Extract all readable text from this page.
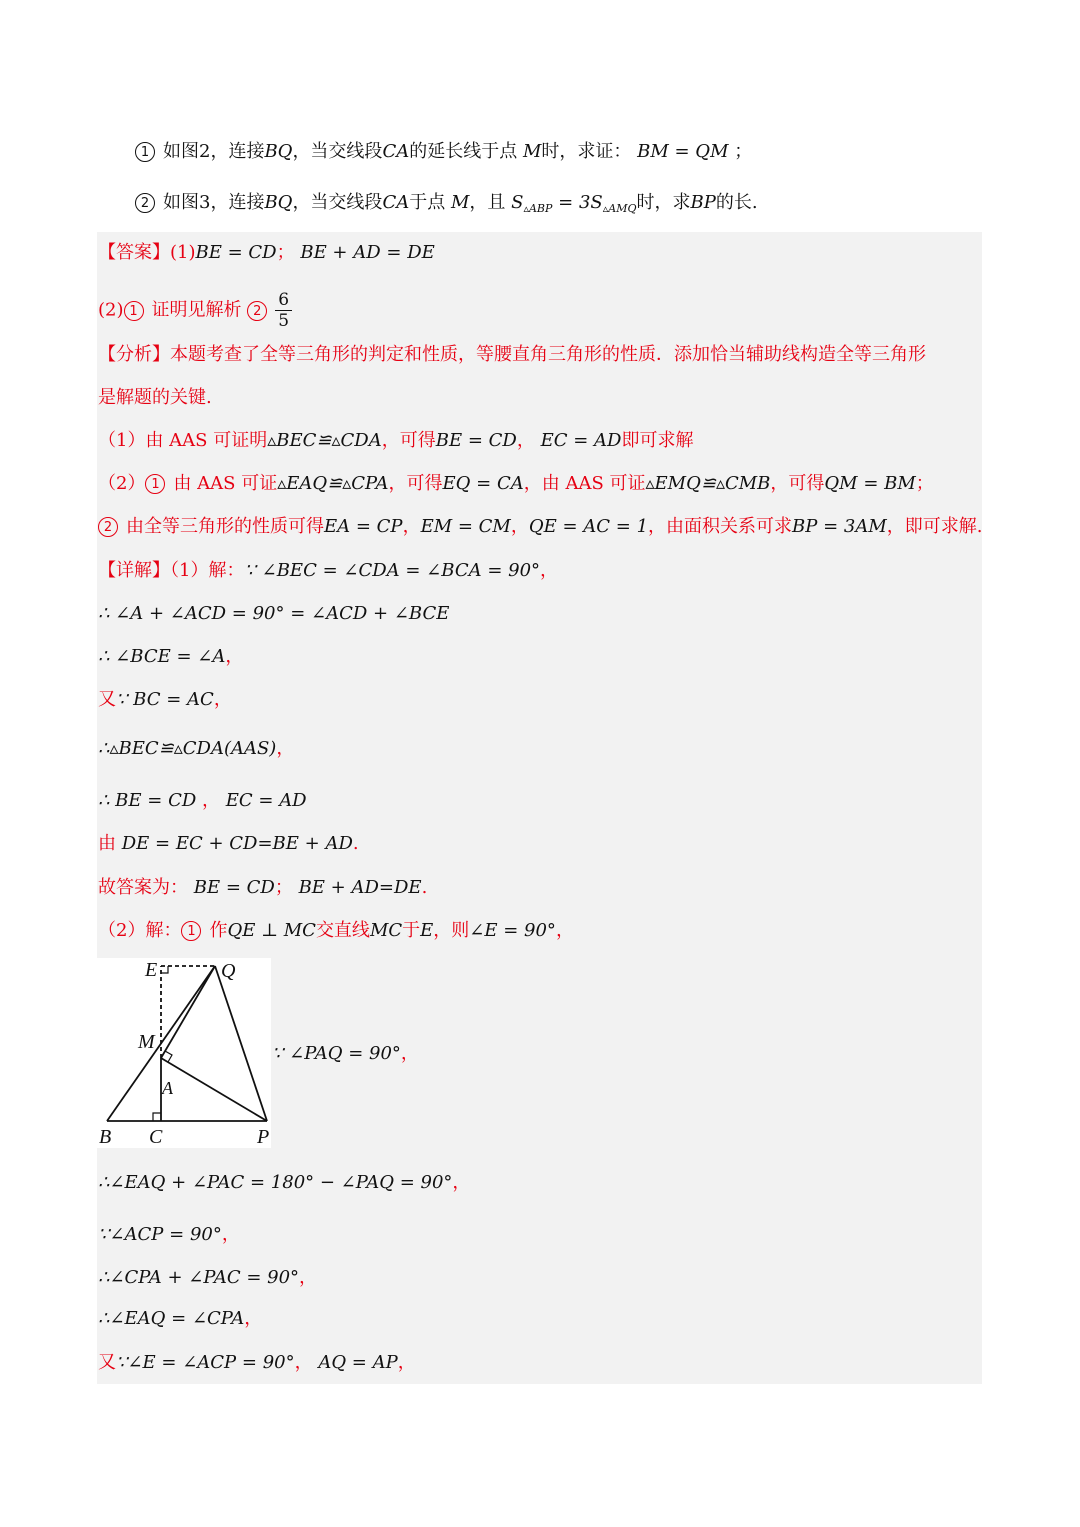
1 如图2，连接BQ，当交线段CA的延长线于点 M时，求证： BM = QM ；
2 如图3，连接BQ，当交线段CA于点 M，且 $S_{▵ABP} = 3S_{▵AMQ}$时，求BP的长.
【答案】(1)BE = CD； BE + AD = DE
(2) 1 证明见解析 $2 \frac{6}{5}$
【分析】本题考查了全等三角形的判定和性质，等腰直角三角形的性质．添加恰当辅助线构造全等三角形
是解题的关键.
（1）由 AAS 可证明▵BEC≌▵CDA，可得BE = CD， EC = AD即可求解
（2） 1 由 AAS 可证▵EAQ≌▵CPA，可得EQ = CA，由 AAS 可证▵EMQ≌▵CMB，可得QM = BM；
2 由全等三角形的性质可得EA = CP，EM = CM，QE = AC = 1，由面积关系可求BP = 3AM，即可求解.
【详解】（1）解：∵ ∠BEC = ∠CDA = ∠BCA = 90°，
∴ ∠A + ∠ACD = 90° = ∠ACD + ∠BCE
∴ ∠BCE = ∠A，
又∵ BC = AC，
∴▵BEC≌▵CDA(AAS)，
∴ BE = CD ， EC = AD
由 DE = EC + CD=BE + AD.
故答案为： BE = CD； BE + AD=DE.
（2）解： 1 作QE ⊥ MC交直线MC于E，则∠E = 90°，
E	Q
M
A
B C	P
∵ ∠PAQ = 90°，
∴∠EAQ + ∠PAC = 180° − ∠PAQ = 90°，
∵∠ACP = 90°，
∴∠CPA + ∠PAC = 90°，
∴∠EAQ = ∠CPA，
又∵∠E = ∠ACP = 90°， AQ = AP，
